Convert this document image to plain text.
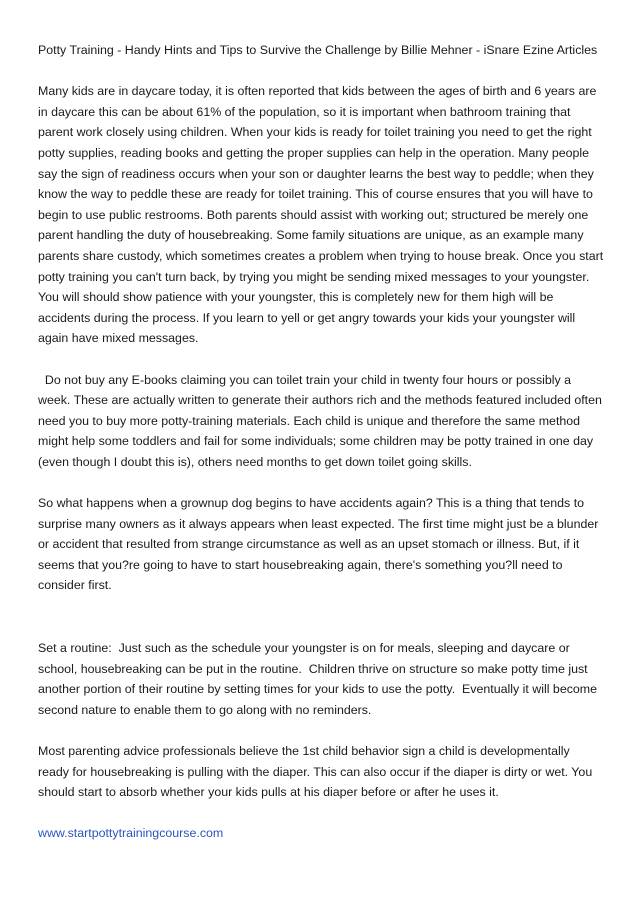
Potty Training - Handy Hints and Tips to Survive the Challenge by Billie Mehner - iSnare Ezine Articles

Many kids are in daycare today, it is often reported that kids between the ages of birth and 6 years are in daycare this can be about 61% of the population, so it is important when bathroom training that parent work closely using children. When your kids is ready for toilet training you need to get the right potty supplies, reading books and getting the proper supplies can help in the operation. Many people say the sign of readiness occurs when your son or daughter learns the best way to peddle; when they know the way to peddle these are ready for toilet training. This of course ensures that you will have to begin to use public restrooms. Both parents should assist with working out; structured be merely one parent handling the duty of housebreaking. Some family situations are unique, as an example many parents share custody, which sometimes creates a problem when trying to house break. Once you start potty training you can't turn back, by trying you might be sending mixed messages to your youngster. You will should show patience with your youngster, this is completely new for them high will be accidents during the process. If you learn to yell or get angry towards your kids your youngster will again have mixed messages.

Do not buy any E-books claiming you can toilet train your child in twenty four hours or possibly a week. These are actually written to generate their authors rich and the methods featured included often need you to buy more potty-training materials. Each child is unique and therefore the same method might help some toddlers and fail for some individuals; some children may be potty trained in one day (even though I doubt this is), others need months to get down toilet going skills.

So what happens when a grownup dog begins to have accidents again? This is a thing that tends to surprise many owners as it always appears when least expected. The first time might just be a blunder or accident that resulted from strange circumstance as well as an upset stomach or illness. But, if it seems that you?re going to have to start housebreaking again, there's something you?ll need to consider first.

Set a routine:  Just such as the schedule your youngster is on for meals, sleeping and daycare or school, housebreaking can be put in the routine.  Children thrive on structure so make potty time just another portion of their routine by setting times for your kids to use the potty.  Eventually it will become second nature to enable them to go along with no reminders.

Most parenting advice professionals believe the 1st child behavior sign a child is developmentally ready for housebreaking is pulling with the diaper. This can also occur if the diaper is dirty or wet. You should start to absorb whether your kids pulls at his diaper before or after he uses it.

www.startpottytrainingcourse.com
